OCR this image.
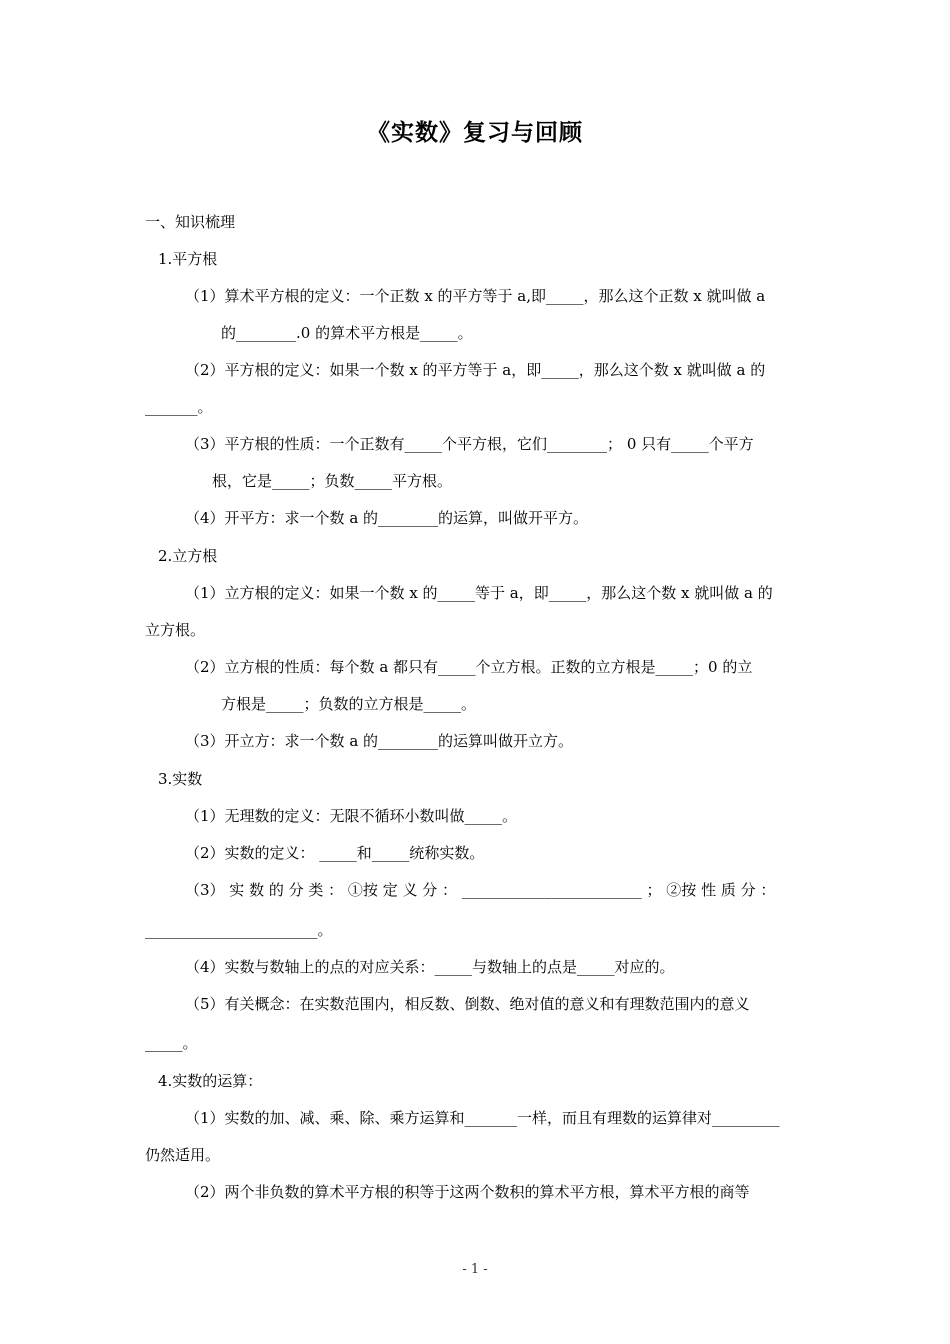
《实数》复习与回顾
一、知识梳理
1.平方根
（1）算术平方根的定义：一个正数 x 的平方等于 a,即_____，那么这个正数 x 就叫做 a
的________.0 的算术平方根是_____。
（2）平方根的定义：如果一个数 x 的平方等于 a，即_____，那么这个数 x 就叫做 a 的
_______。
（3）平方根的性质：一个正数有_____个平方根，它们________； 0 只有_____个平方
根，它是_____；负数_____平方根。
（4）开平方：求一个数 a 的________的运算，叫做开平方。
2.立方根
（1）立方根的定义：如果一个数 x 的_____等于 a，即_____，那么这个数 x 就叫做 a 的
立方根。
（2）立方根的性质：每个数 a 都只有_____个立方根。正数的立方根是_____；0 的立
方根是_____；负数的立方根是_____。
（3）开立方：求一个数 a 的________的运算叫做开立方。
3.实数
（1）无理数的定义：无限不循环小数叫做_____。
（2）实数的定义： _____和_____统称实数。
（3） 实 数 的 分 类 ： ①按 定 义 分 ： ________________________ ； ②按 性 质 分 ：
_______________________。
（4）实数与数轴上的点的对应关系：_____与数轴上的点是_____对应的。
（5）有关概念：在实数范围内，相反数、倒数、绝对值的意义和有理数范围内的意义
_____。
4.实数的运算：
（1）实数的加、减、乘、除、乘方运算和_______一样，而且有理数的运算律对_________
仍然适用。
（2）两个非负数的算术平方根的积等于这两个数积的算术平方根，算术平方根的商等
- 1 -
